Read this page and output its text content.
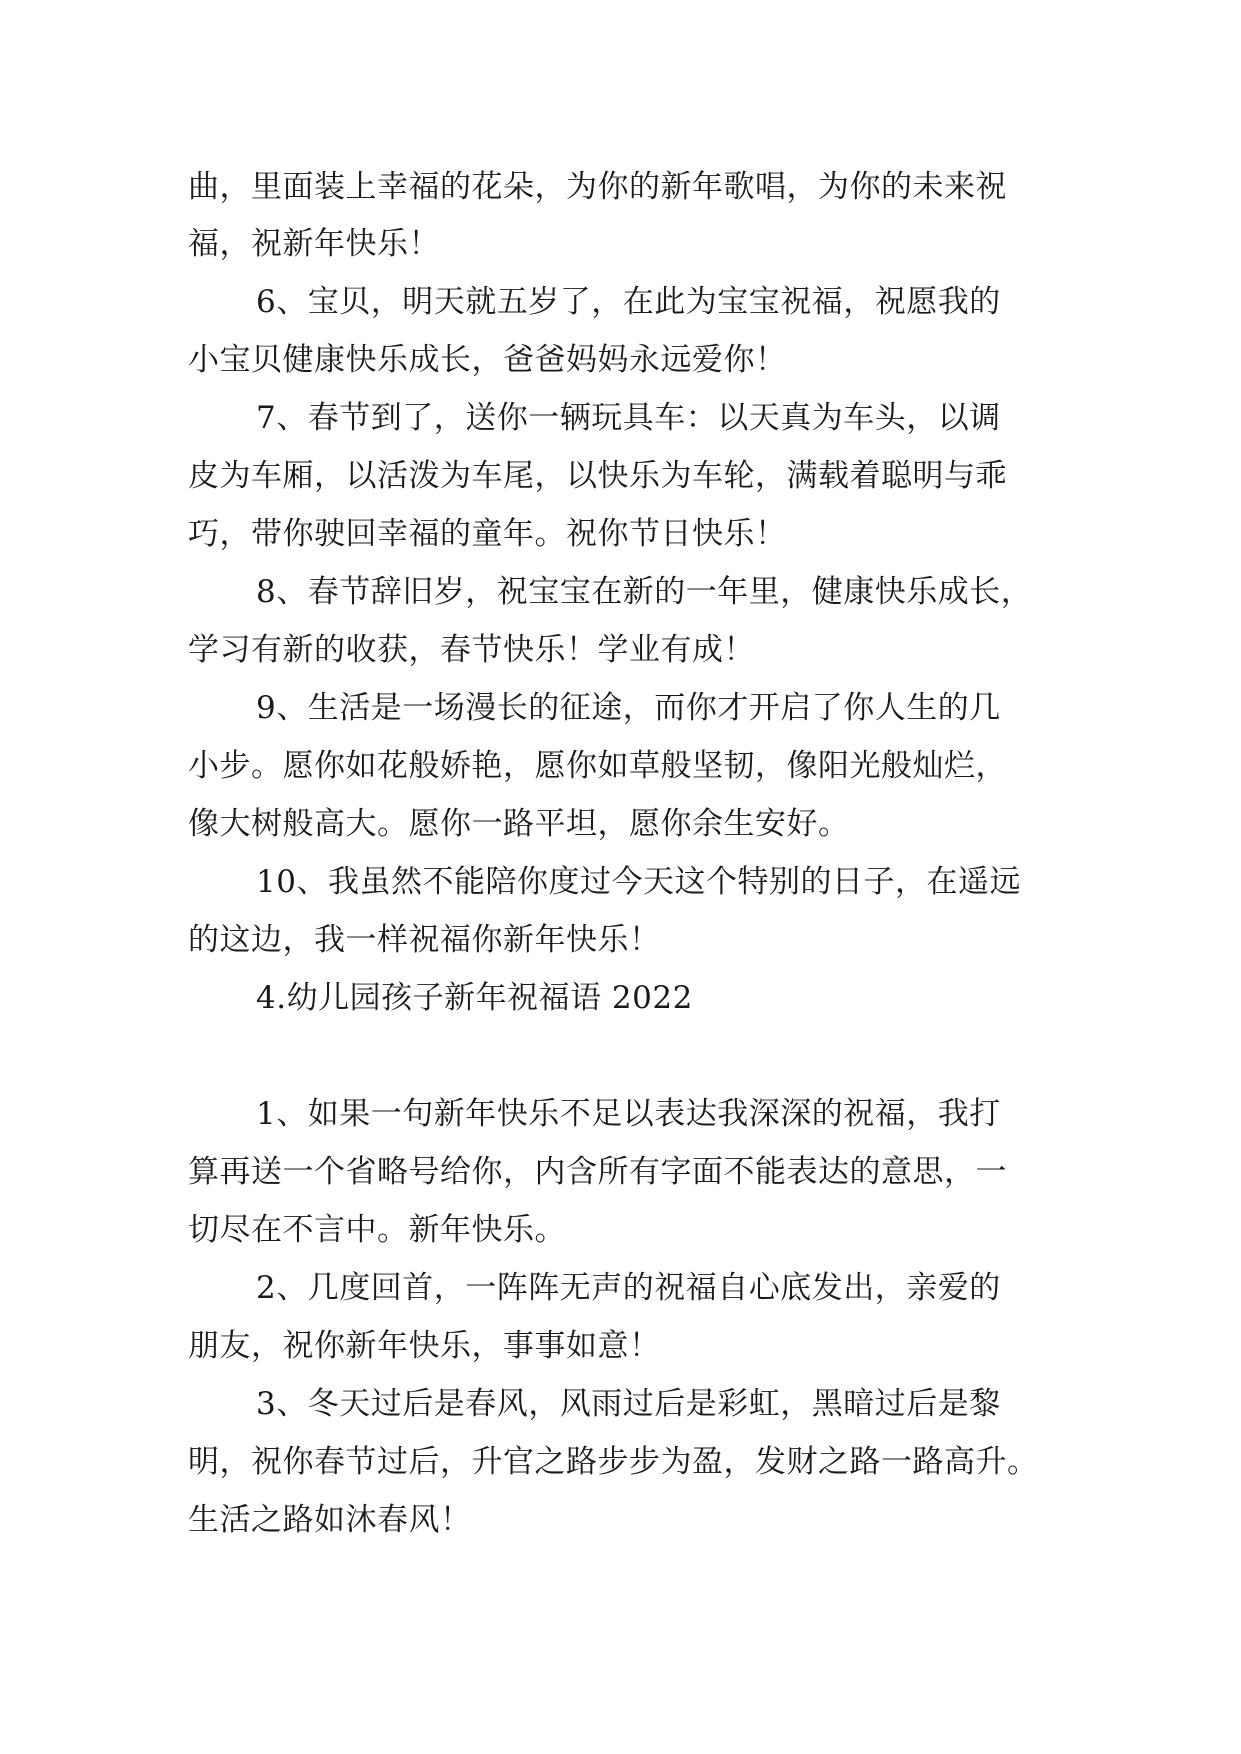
曲，里面装上幸福的花朵，为你的新年歌唱，为你的未来祝
福，祝新年快乐！
6、宝贝，明天就五岁了，在此为宝宝祝福，祝愿我的
小宝贝健康快乐成长，爸爸妈妈永远爱你！
7、春节到了，送你一辆玩具车：以天真为车头，以调
皮为车厢，以活泼为车尾，以快乐为车轮，满载着聪明与乖
巧，带你驶回幸福的童年。祝你节日快乐！
8、春节辞旧岁，祝宝宝在新的一年里，健康快乐成长，
学习有新的收获，春节快乐！学业有成！
9、生活是一场漫长的征途，而你才开启了你人生的几
小步。愿你如花般娇艳，愿你如草般坚韧，像阳光般灿烂，
像大树般高大。愿你一路平坦，愿你余生安好。
10、我虽然不能陪你度过今天这个特别的日子，在遥远
的这边，我一样祝福你新年快乐！
4.幼儿园孩子新年祝福语 2022
1、如果一句新年快乐不足以表达我深深的祝福，我打
算再送一个省略号给你，内含所有字面不能表达的意思，一
切尽在不言中。新年快乐。
2、几度回首，一阵阵无声的祝福自心底发出，亲爱的
朋友，祝你新年快乐，事事如意！
3、冬天过后是春风，风雨过后是彩虹，黑暗过后是黎
明，祝你春节过后，升官之路步步为盈，发财之路一路高升。
生活之路如沐春风！
